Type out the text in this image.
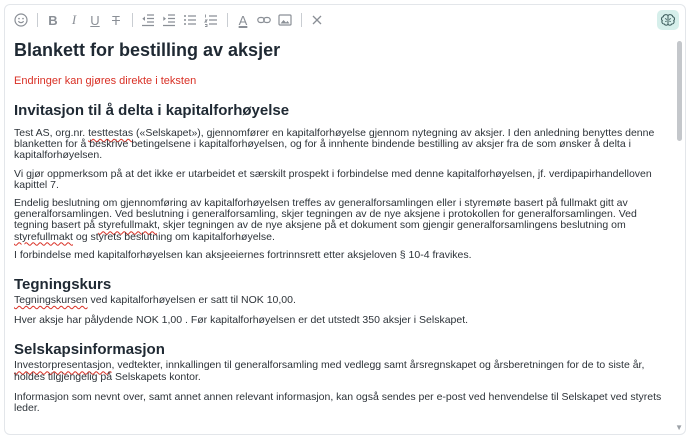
B	I	U T	A
Blankett for bestilling av aksjer
Endringer kan gjøres direkte i teksten
Invitasjon til å delta i kapitalforhøyelse

Test AS, org.nr. testtestas («Selskapet»), gjennomfører en kapitalforhøyelse gjennom nytegning av aksjer. I den anledning benyttes denne blanketten for å beskrive betingelsene i kapitalforhøyelsen, og for å innhente bindende bestilling av aksjer fra de som ønsker å delta i kapitalforhøyelsen.

Vi gjør oppmerksom på at det ikke er utarbeidet et særskilt prospekt i forbindelse med denne kapitalforhøyelsen, jf. verdipapirhandelloven kapittel 7.

Endelig beslutning om gjennomføring av kapitalforhøyelsen treffes av generalforsamlingen eller i styremøte basert på fullmakt gitt av generalforsamlingen. Ved beslutning i generalforsamling, skjer tegningen av de nye aksjene i protokollen for generalforsamlingen. Ved tegning basert på styrefullmakt, skjer tegningen av de nye aksjene på et dokument som gjengir generalforsamlingens beslutning om styrefullmakt og styrets beslutning om kapitalforhøyelse.

I forbindelse med kapitalforhøyelsen kan aksjeeiernes fortrinnsrett etter aksjeloven § 10-4 fravikes.

Tegningskurs

Tegningskursen ved kapitalforhøyelsen er satt til NOK 10,00.

Hver aksje har pålydende NOK 1,00 . Før kapitalforhøyelsen er det utstedt 350 aksjer i Selskapet.

Selskapsinformasjon

Investorpresentasjon, vedtekter, innkallingen til generalforsamling med vedlegg samt årsregnskapet og årsberetningen for de to siste år, holdes tilgjengelig på Selskapets kontor.

Informasjon som nevnt over, samt annet annen relevant informasjon, kan også sendes per e-post ved henvendelse til Selskapet ved styrets leder.

▼
